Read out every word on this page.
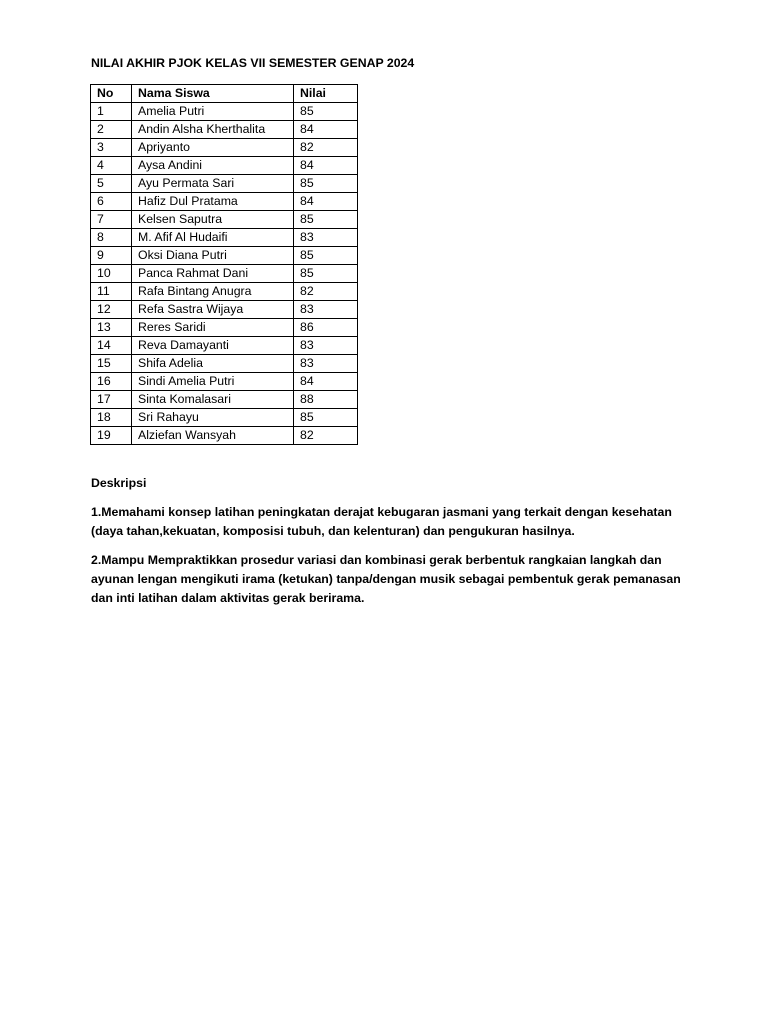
NILAI AKHIR PJOK KELAS VII SEMESTER GENAP 2024
No	Nama Siswa	Nilai
1	Amelia Putri	85
2	Andin Alsha Kherthalita	84
3	Apriyanto	82
4	Aysa Andini	84
5	Ayu Permata Sari	85
6	Hafiz Dul Pratama	84
7	Kelsen Saputra	85
8	M. Afif Al Hudaifi	83
9	Oksi Diana Putri	85
10	Panca Rahmat Dani	85
11	Rafa Bintang Anugra	82
12	Refa Sastra Wijaya	83
13	Reres Saridi	86
14	Reva Damayanti	83
15	Shifa Adelia	83
16	Sindi Amelia Putri	84
17	Sinta Komalasari	88
18	Sri Rahayu	85
19	Alziefan Wansyah	82
Deskripsi
1.Memahami konsep latihan peningkatan derajat kebugaran jasmani yang terkait dengan kesehatan (daya tahan,kekuatan, komposisi tubuh, dan kelenturan) dan pengukuran hasilnya.
2.Mampu Mempraktikkan prosedur variasi dan kombinasi gerak berbentuk rangkaian langkah dan ayunan lengan mengikuti irama (ketukan) tanpa/dengan musik sebagai pembentuk gerak pemanasan dan inti latihan dalam aktivitas gerak berirama.
